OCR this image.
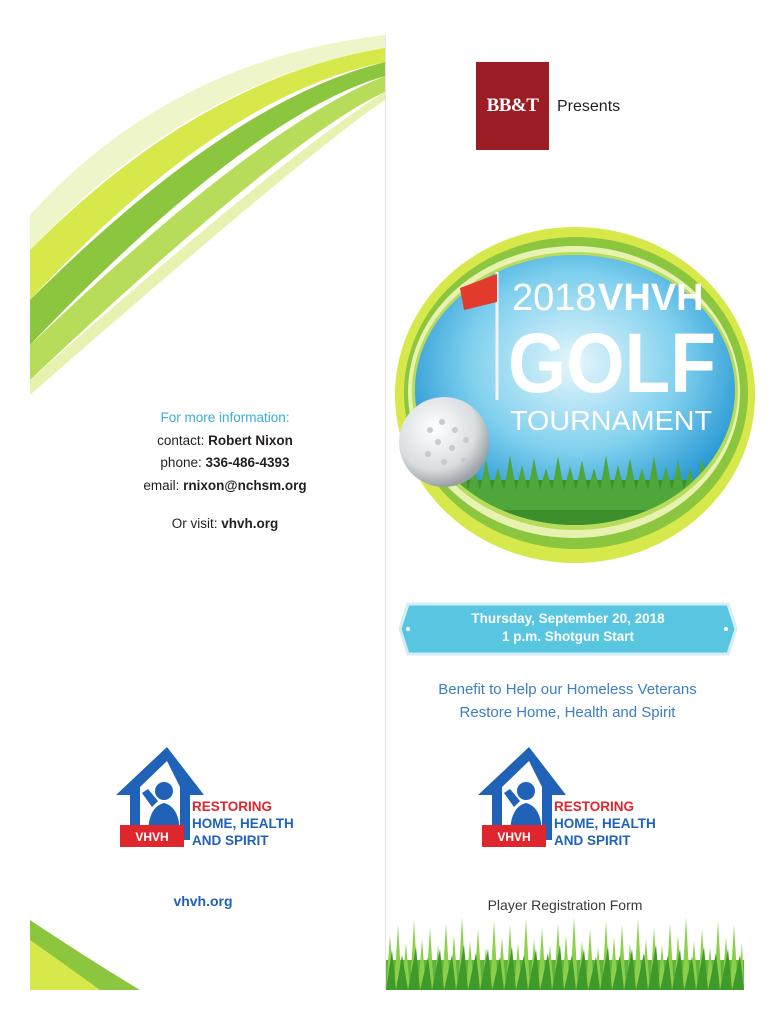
For more information:
contact: Robert Nixon
phone: 336-486-4393
email: rnixon@nchsm.org
Or visit: vhvh.org
VHVH
RESTORING
HOME, HEALTH
AND SPIRIT
vhvh.org
BB&T	Presents
2018 VHVH
GOLF
TOURNAMENT
Thursday, September 20, 2018
1 p.m. Shotgun Start
Benefit to Help our Homeless Veterans
Restore Home, Health and Spirit
VHVH
RESTORING
HOME, HEALTH
AND SPIRIT
Player Registration Form
